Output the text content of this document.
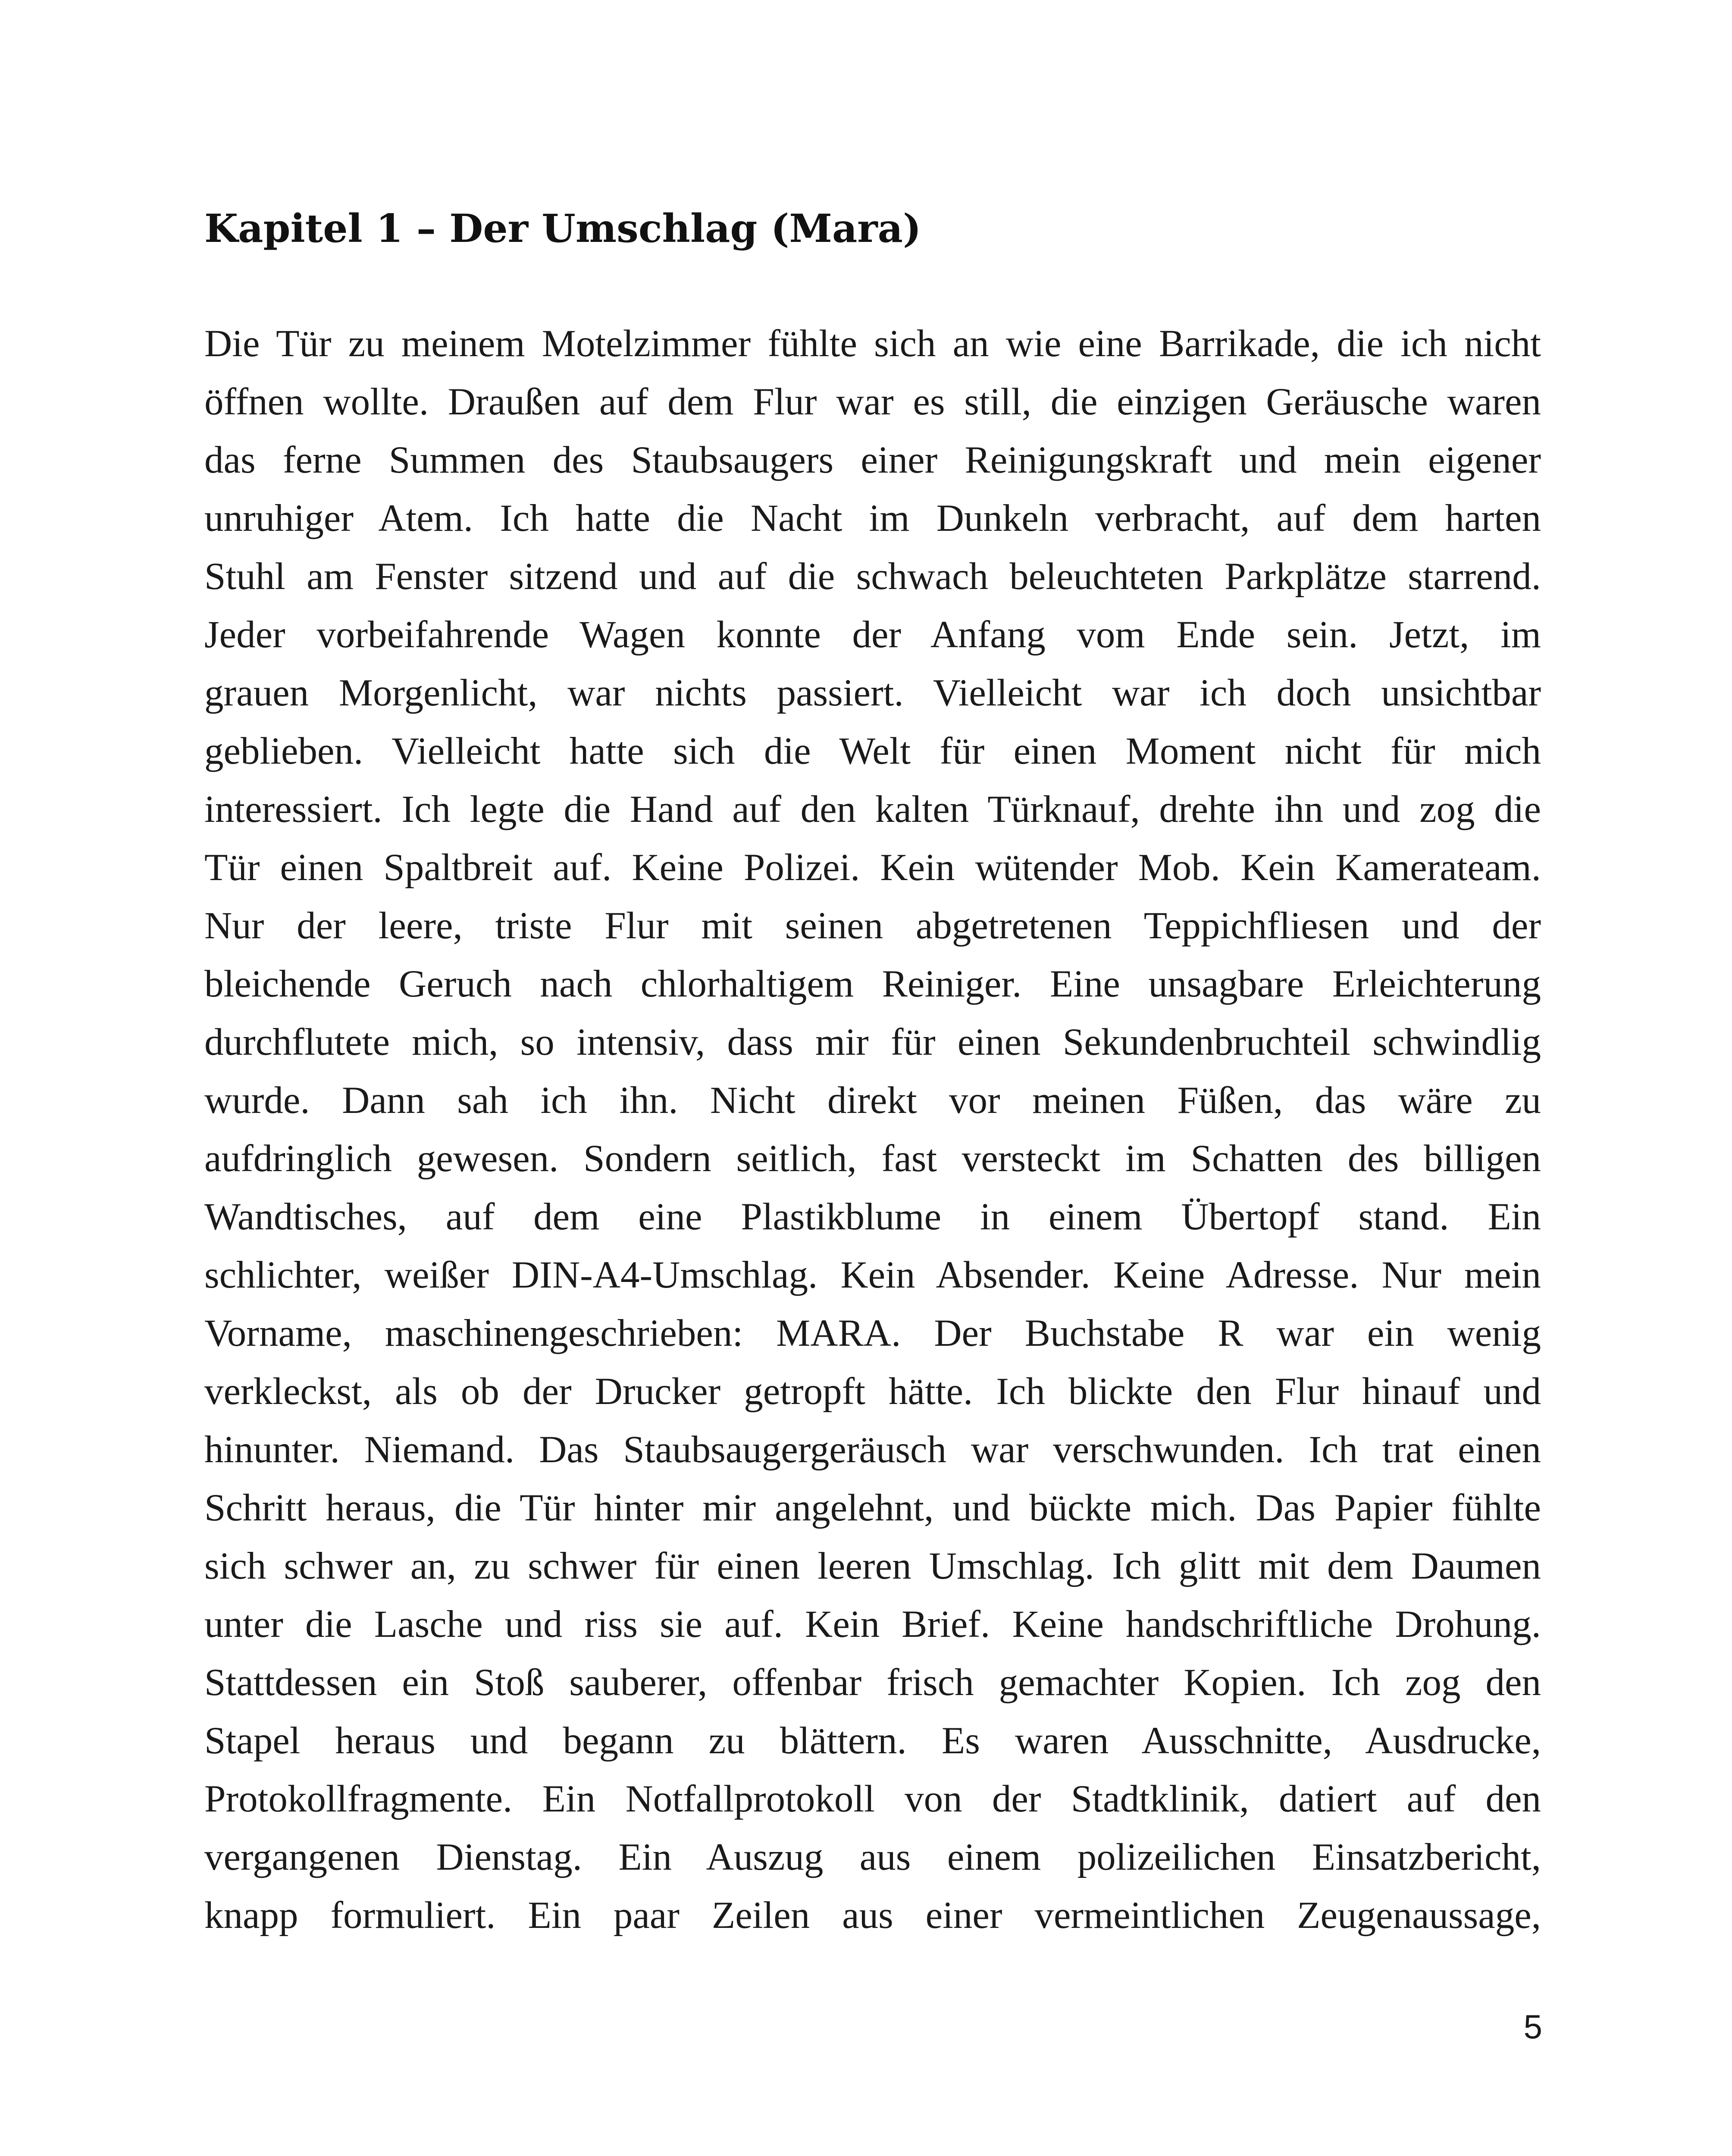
Kapitel 1 – Der Umschlag (Mara)
Die Tür zu meinem Motelzimmer fühlte sich an wie eine Barrikade, die ich nicht
öffnen wollte. Draußen auf dem Flur war es still, die einzigen Geräusche waren
das ferne Summen des Staubsaugers einer Reinigungskraft und mein eigener
unruhiger Atem. Ich hatte die Nacht im Dunkeln verbracht, auf dem harten
Stuhl am Fenster sitzend und auf die schwach beleuchteten Parkplätze starrend.
Jeder vorbeifahrende Wagen konnte der Anfang vom Ende sein. Jetzt, im
grauen Morgenlicht, war nichts passiert. Vielleicht war ich doch unsichtbar
geblieben. Vielleicht hatte sich die Welt für einen Moment nicht für mich
interessiert. Ich legte die Hand auf den kalten Türknauf, drehte ihn und zog die
Tür einen Spaltbreit auf. Keine Polizei. Kein wütender Mob. Kein Kamerateam.
Nur der leere, triste Flur mit seinen abgetretenen Teppichfliesen und der
bleichende Geruch nach chlorhaltigem Reiniger. Eine unsagbare Erleichterung
durchflutete mich, so intensiv, dass mir für einen Sekundenbruchteil schwindlig
wurde. Dann sah ich ihn. Nicht direkt vor meinen Füßen, das wäre zu
aufdringlich gewesen. Sondern seitlich, fast versteckt im Schatten des billigen
Wandtisches, auf dem eine Plastikblume in einem Übertopf stand. Ein
schlichter, weißer DIN-A4-Umschlag. Kein Absender. Keine Adresse. Nur mein
Vorname, maschinengeschrieben: MARA. Der Buchstabe R war ein wenig
verkleckst, als ob der Drucker getropft hätte. Ich blickte den Flur hinauf und
hinunter. Niemand. Das Staubsaugergeräusch war verschwunden. Ich trat einen
Schritt heraus, die Tür hinter mir angelehnt, und bückte mich. Das Papier fühlte
sich schwer an, zu schwer für einen leeren Umschlag. Ich glitt mit dem Daumen
unter die Lasche und riss sie auf. Kein Brief. Keine handschriftliche Drohung.
Stattdessen ein Stoß sauberer, offenbar frisch gemachter Kopien. Ich zog den
Stapel heraus und begann zu blättern. Es waren Ausschnitte, Ausdrucke,
Protokollfragmente. Ein Notfallprotokoll von der Stadtklinik, datiert auf den
vergangenen Dienstag. Ein Auszug aus einem polizeilichen Einsatzbericht,
knapp formuliert. Ein paar Zeilen aus einer vermeintlichen Zeugenaussage,
5
